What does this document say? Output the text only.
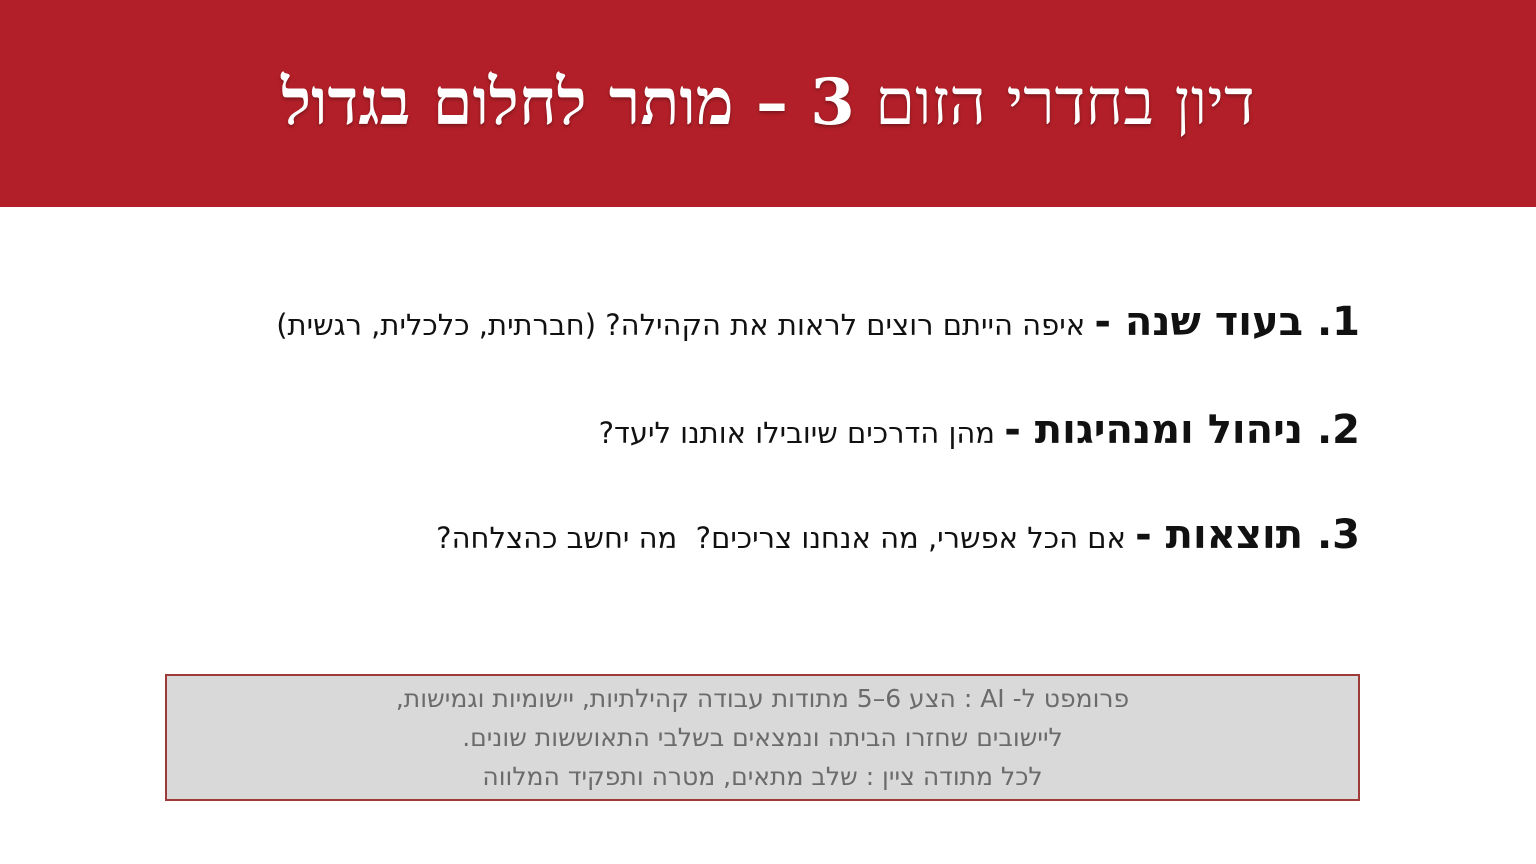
דיון בחדרי הזום 3 – מותר לחלום בגדול
1. בעוד שנה - איפה הייתם רוצים לראות את הקהילה? (חברתית, כלכלית, רגשית)
2. ניהול ומנהיגות - מהן הדרכים שיובילו אותנו ליעד?
3. תוצאות - אם הכל אפשרי, מה אנחנו צריכים?  מה יחשב כהצלחה?
פרומפט ל- AI : הצע ‪5–6‬ מתודות עבודה קהילתיות, יישומיות וגמישות,
ליישובים שחזרו הביתה ונמצאים בשלבי התאוששות שונים.
לכל מתודה ציין : שלב מתאים, מטרה ותפקיד המלווה
